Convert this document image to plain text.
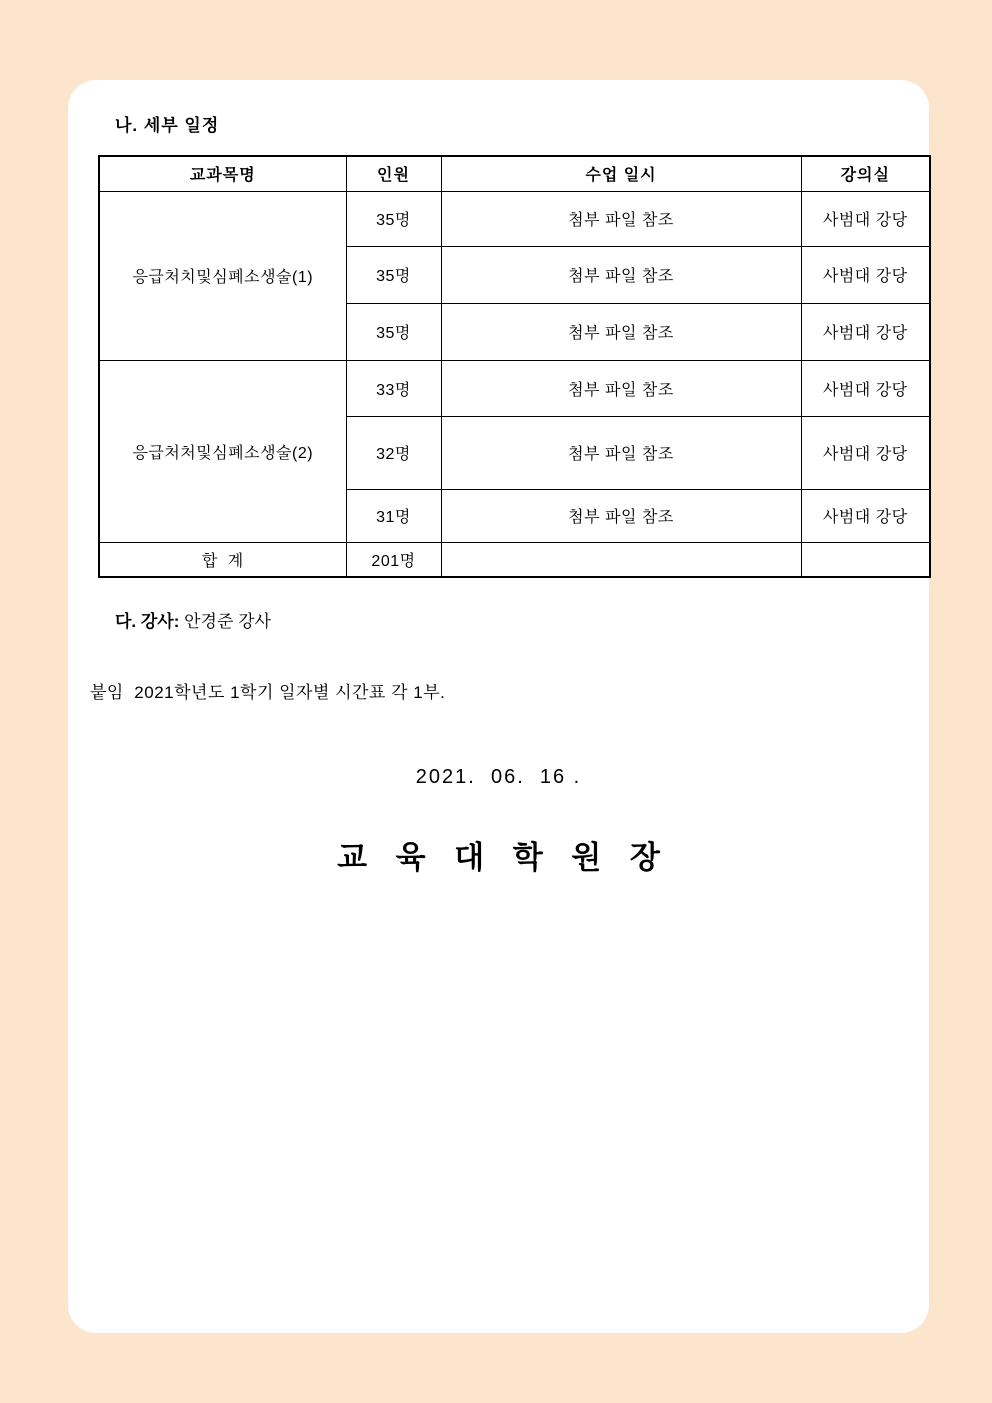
나. 세부 일정
교과목명	인원	수업 일시	강의실
응급처치및심폐소생술(1)	35명	첨부 파일 참조	사범대 강당
	35명	첨부 파일 참조	사범대 강당
	35명	첨부 파일 참조	사범대 강당
응급처처및심폐소생술(2)	33명	첨부 파일 참조	사범대 강당
	32명	첨부 파일 참조	사범대 강당
	31명	첨부 파일 참조	사범대 강당
합  계	201명		
다. 강사: 안경준 강사
붙임  2021학년도 1학기 일자별 시간표 각 1부.
2021.  06.  16 .
교 육 대 학 원 장
